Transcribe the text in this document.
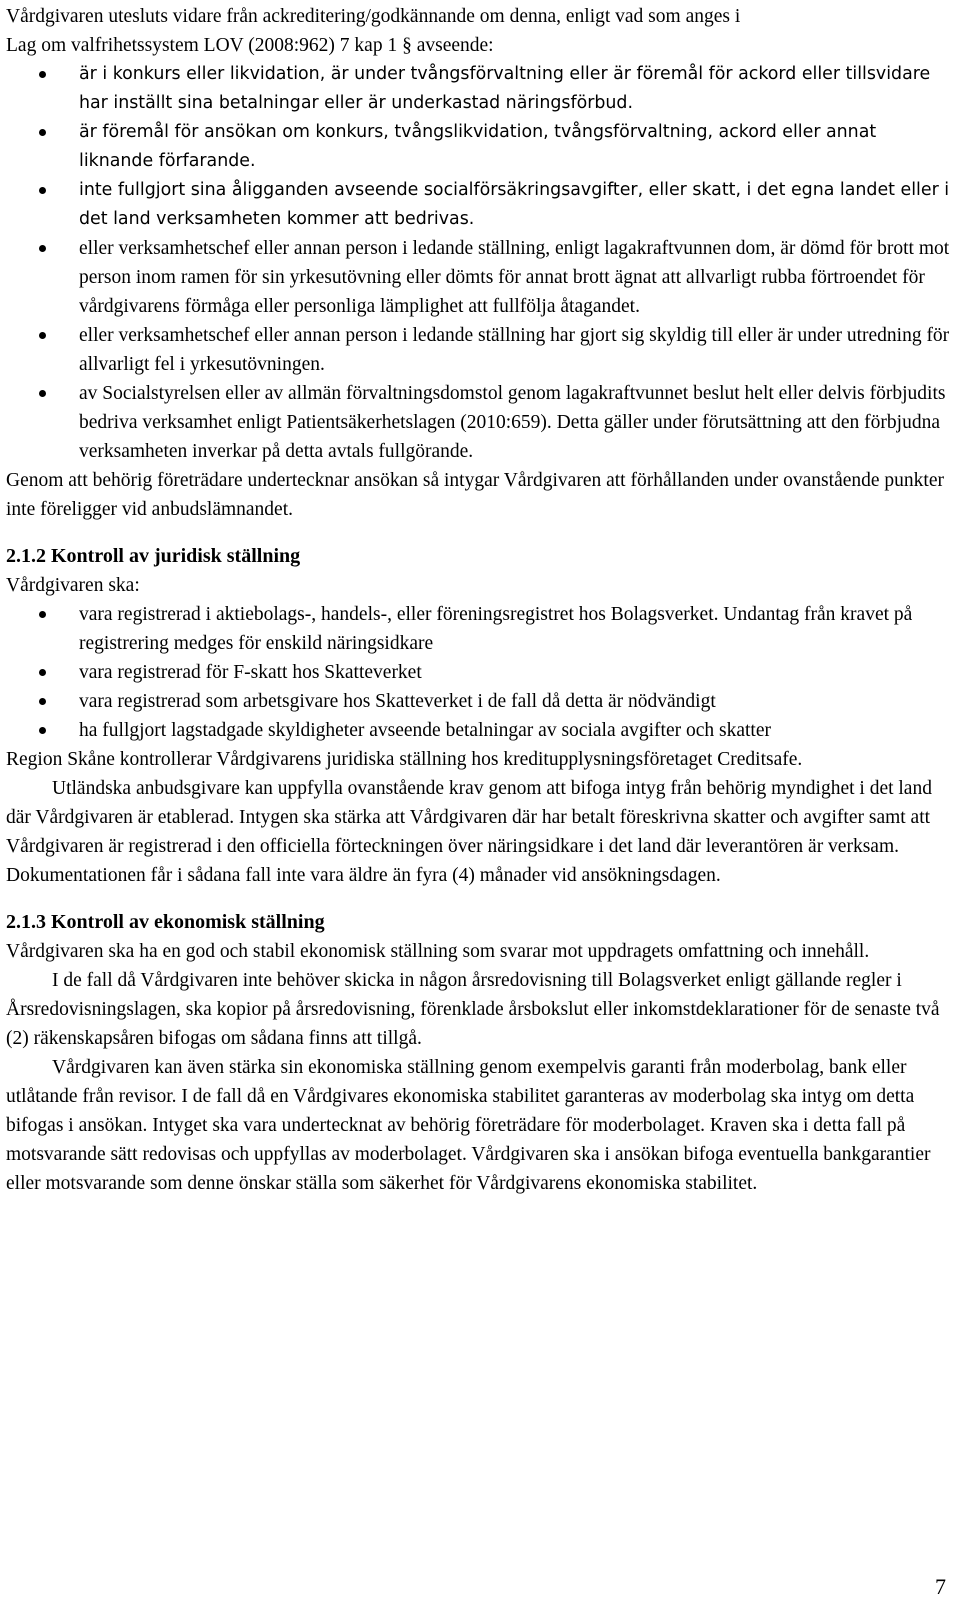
Vårdgivaren utesluts vidare från ackreditering/godkännande om denna, enligt vad som anges i

Lag om valfrihetssystem LOV (2008:962) 7 kap 1 § avseende:

är i konkurs eller likvidation, är under tvångsförvaltning eller är föremål för ackord eller tillsvidare har inställt sina betalningar eller är underkastad näringsförbud.
är föremål för ansökan om konkurs, tvångslikvidation, tvångsförvaltning, ackord eller annat liknande förfarande.
inte fullgjort sina åligganden avseende socialförsäkringsavgifter, eller skatt, i det egna landet eller i det land verksamheten kommer att bedrivas.
eller verksamhetschef eller annan person i ledande ställning, enligt lagakraftvunnen dom, är dömd för brott mot person inom ramen för sin yrkesutövning eller dömts för annat brott ägnat att allvarligt rubba förtroendet för vårdgivarens förmåga eller personliga lämplighet att fullfölja åtagandet.
eller verksamhetschef eller annan person i ledande ställning har gjort sig skyldig till eller är under utredning för allvarligt fel i yrkesutövningen.
av Socialstyrelsen eller av allmän förvaltningsdomstol genom lagakraftvunnet beslut helt eller delvis förbjudits bedriva verksamhet enligt Patientsäkerhetslagen (2010:659). Detta gäller under förutsättning att den förbjudna verksamheten inverkar på detta avtals fullgörande.

Genom att behörig företrädare undertecknar ansökan så intygar Vårdgivaren att förhållanden under ovanstående punkter inte föreligger vid anbudslämnandet.

2.1.2 Kontroll av juridisk ställning

Vårdgivaren ska:

vara registrerad i aktiebolags-, handels-, eller föreningsregistret hos Bolagsverket. Undantag från kravet på registrering medges för enskild näringsidkare
vara registrerad för F-skatt hos Skatteverket
vara registrerad som arbetsgivare hos Skatteverket i de fall då detta är nödvändigt
ha fullgjort lagstadgade skyldigheter avseende betalningar av sociala avgifter och skatter

Region Skåne kontrollerar Vårdgivarens juridiska ställning hos kreditupplysningsföretaget Creditsafe.

Utländska anbudsgivare kan uppfylla ovanstående krav genom att bifoga intyg från behörig myndighet i det land där Vårdgivaren är etablerad. Intygen ska stärka att Vårdgivaren där har betalt föreskrivna skatter och avgifter samt att Vårdgivaren är registrerad i den officiella förteckningen över näringsidkare i det land där leverantören är verksam. Dokumentationen får i sådana fall inte vara äldre än fyra (4) månader vid ansökningsdagen.

2.1.3 Kontroll av ekonomisk ställning

Vårdgivaren ska ha en god och stabil ekonomisk ställning som svarar mot uppdragets omfattning och innehåll.

I de fall då Vårdgivaren inte behöver skicka in någon årsredovisning till Bolagsverket enligt gällande regler i Årsredovisningslagen, ska kopior på årsredovisning, förenklade årsbokslut eller inkomstdeklarationer för de senaste två (2) räkenskapsåren bifogas om sådana finns att tillgå.

Vårdgivaren kan även stärka sin ekonomiska ställning genom exempelvis garanti från moderbolag, bank eller utlåtande från revisor. I de fall då en Vårdgivares ekonomiska stabilitet garanteras av moderbolag ska intyg om detta bifogas i ansökan. Intyget ska vara undertecknat av behörig företrädare för moderbolaget. Kraven ska i detta fall på motsvarande sätt redovisas och uppfyllas av moderbolaget. Vårdgivaren ska i ansökan bifoga eventuella bankgarantier eller motsvarande som denne önskar ställa som säkerhet för Vårdgivarens ekonomiska stabilitet.

7
